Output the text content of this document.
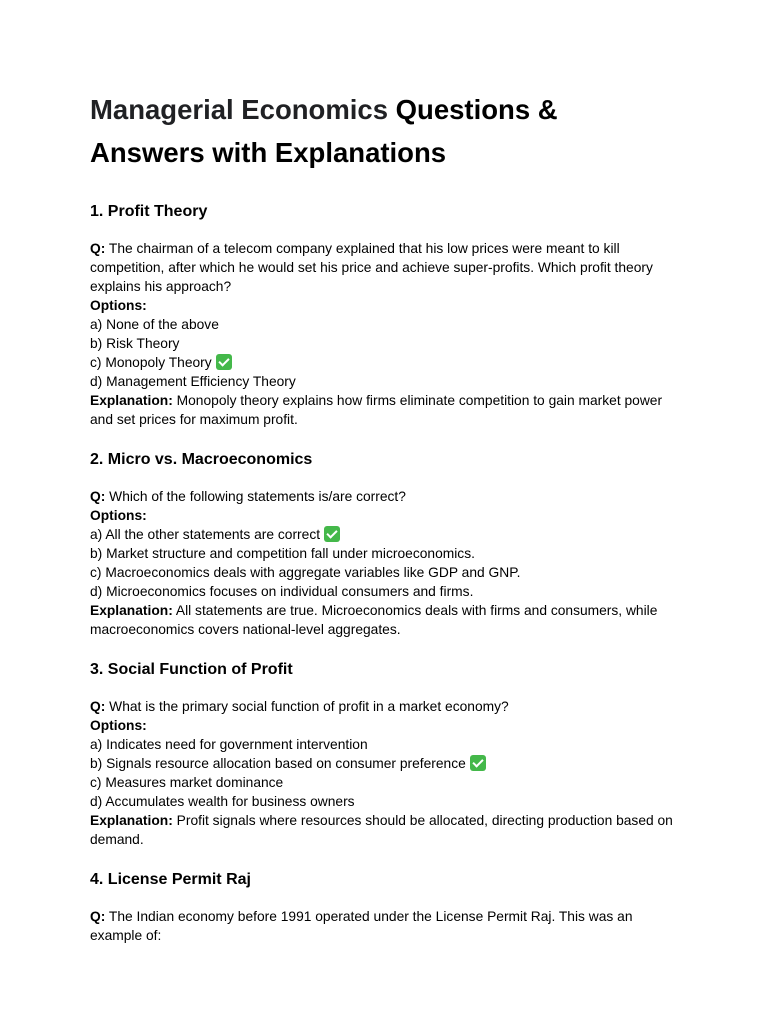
Managerial Economics Questions &
Answers with Explanations
1. Profit Theory

Q: The chairman of a telecom company explained that his low prices were meant to kill
competition, after which he would set his price and achieve super-profits. Which profit theory
explains his approach?

Options:

a) None of the above

b) Risk Theory

c) Monopoly Theory

d) Management Efficiency Theory

Explanation: Monopoly theory explains how firms eliminate competition to gain market power
and set prices for maximum profit.

2. Micro vs. Macroeconomics

Q: Which of the following statements is/are correct?

Options:

a) All the other statements are correct

b) Market structure and competition fall under microeconomics.

c) Macroeconomics deals with aggregate variables like GDP and GNP.

d) Microeconomics focuses on individual consumers and firms.

Explanation: All statements are true. Microeconomics deals with firms and consumers, while
macroeconomics covers national-level aggregates.

3. Social Function of Profit

Q: What is the primary social function of profit in a market economy?

Options:

a) Indicates need for government intervention

b) Signals resource allocation based on consumer preference

c) Measures market dominance

d) Accumulates wealth for business owners

Explanation: Profit signals where resources should be allocated, directing production based on
demand.

4. License Permit Raj

Q: The Indian economy before 1991 operated under the License Permit Raj. This was an
example of:
